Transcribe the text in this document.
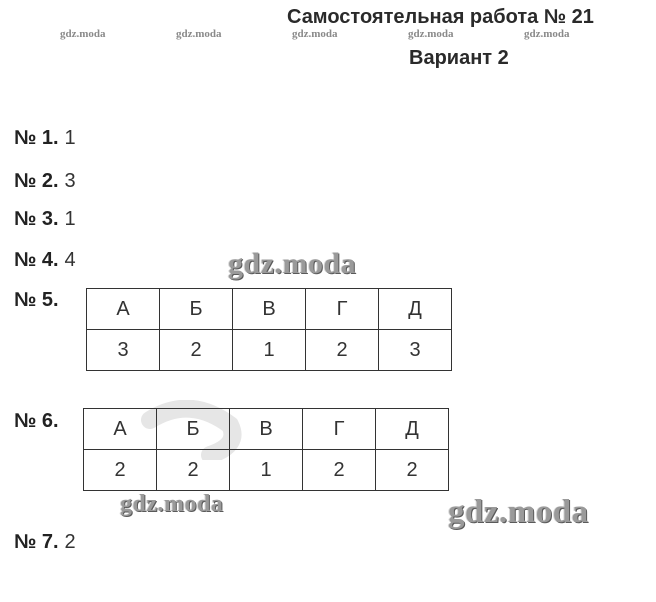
Самостоятельная работа № 21
Вариант 2
gdz.moda	gdz.moda	gdz.moda	gdz.moda	gdz.moda
№ 1. 1
№ 2. 3
№ 3. 1
№ 4. 4
№ 5.
№ 6.
№ 7. 2
gdz.moda
А	Б	В	Г	Д
3	2	1	2	3
А	Б	В	Г	Д
2	2	1	2	2
gdz.moda	gdz.moda
